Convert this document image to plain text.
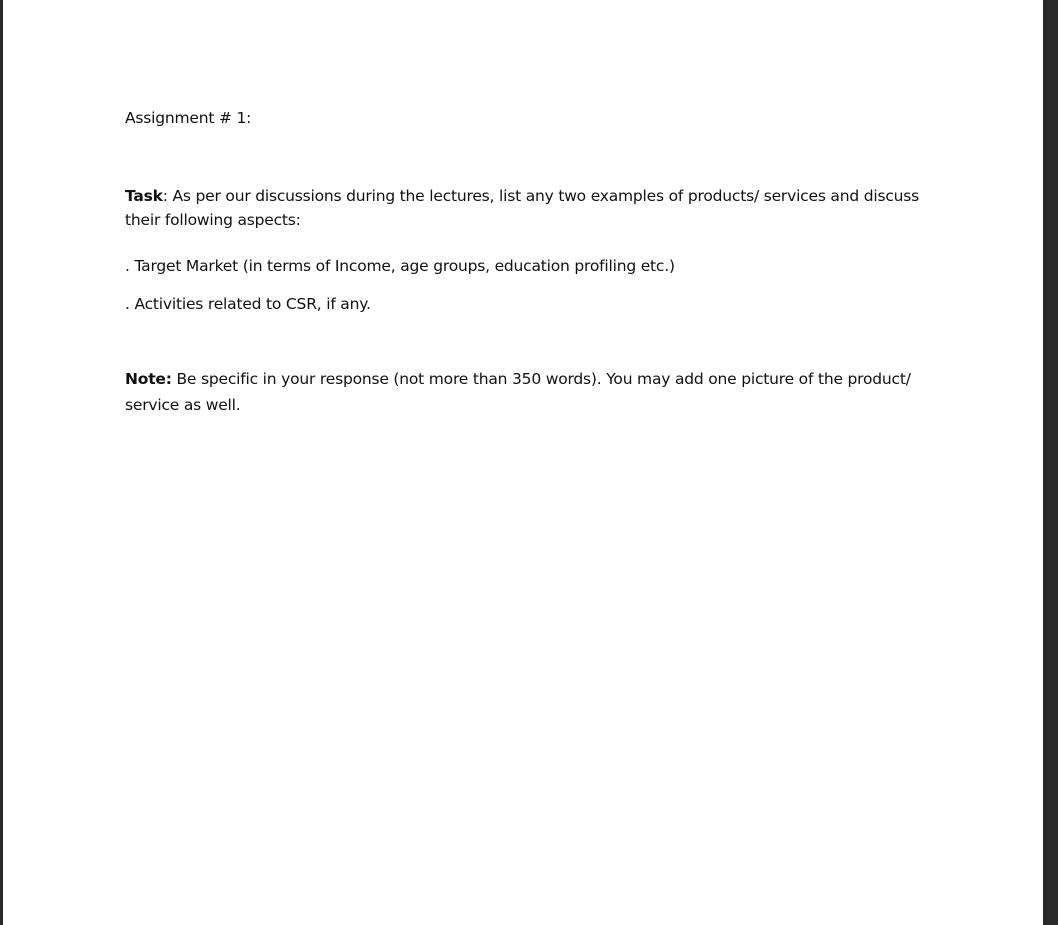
Assignment # 1:

Task: As per our discussions during the lectures, list any two examples of products/ services and discuss their following aspects:

. Target Market (in terms of Income, age groups, education profiling etc.)
. Activities related to CSR, if any.

Note: Be specific in your response (not more than 350 words). You may add one picture of the product/ service as well.
